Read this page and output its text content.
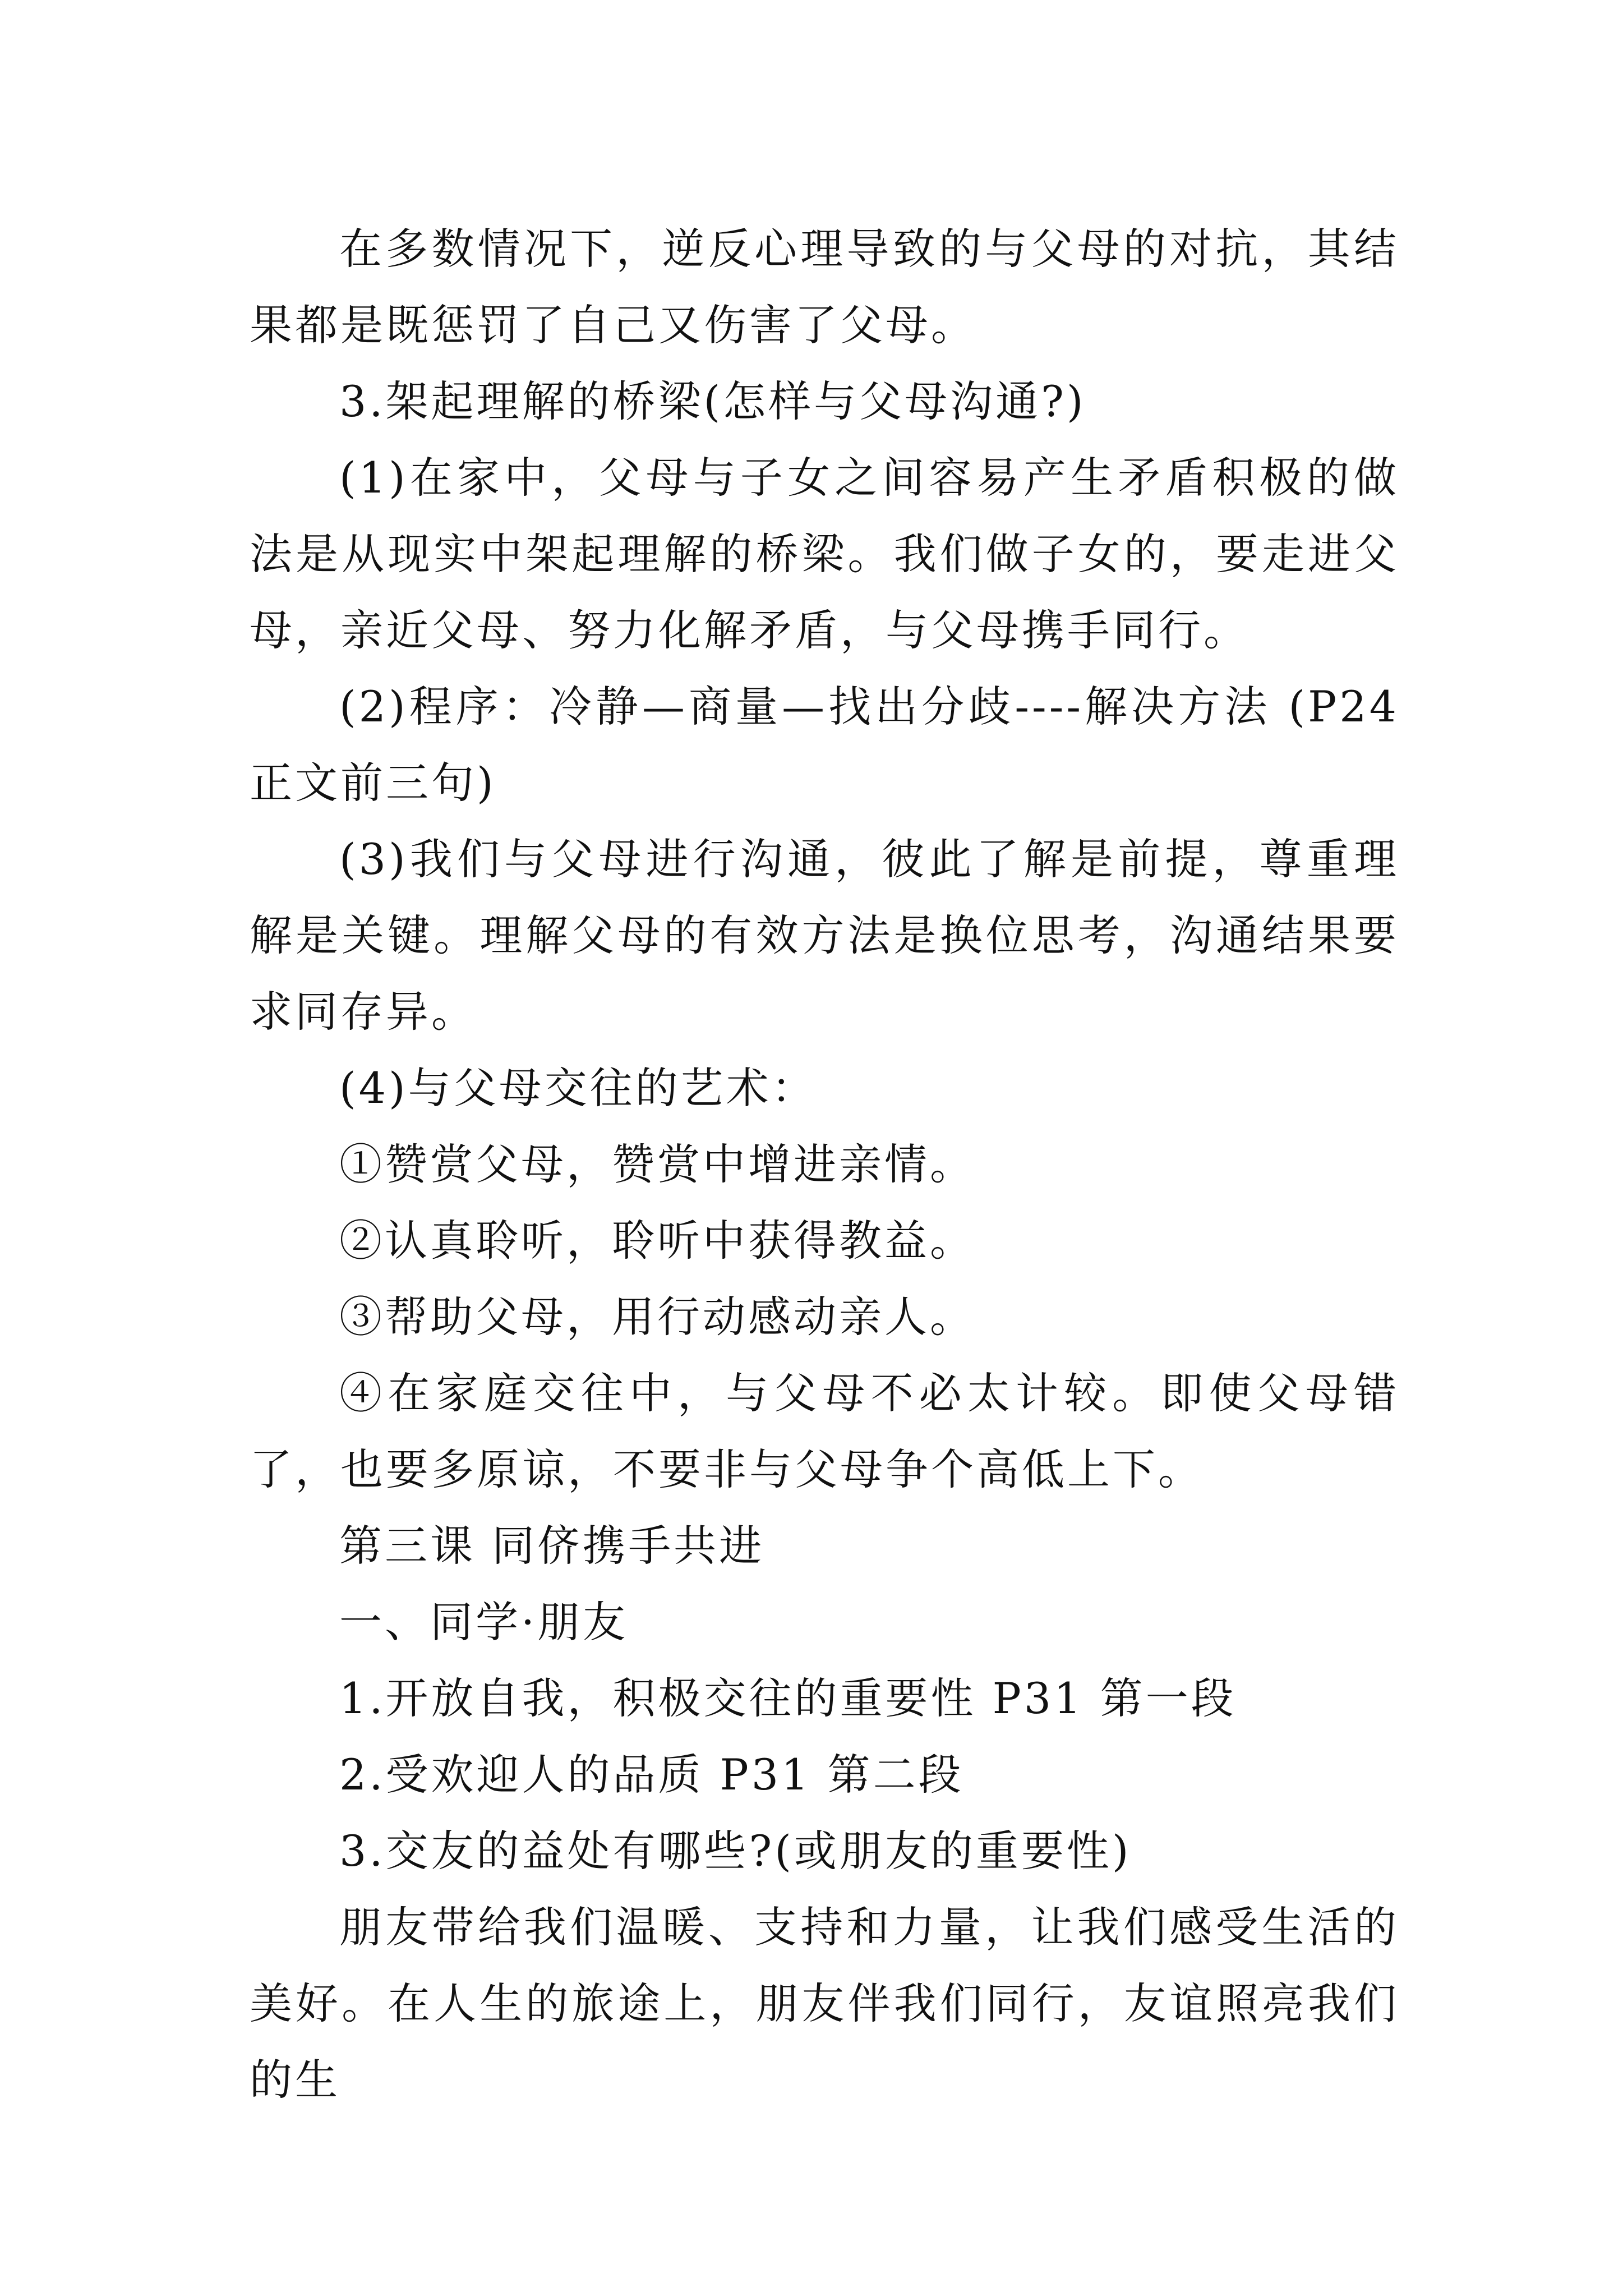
在多数情况下，逆反心理导致的与父母的对抗，其结果都是既惩罚了自己又伤害了父母。

3.架起理解的桥梁(怎样与父母沟通?)

(1)在家中，父母与子女之间容易产生矛盾积极的做法是从现实中架起理解的桥梁。我们做子女的，要走进父母，亲近父母、努力化解矛盾，与父母携手同行。

(2)程序：冷静—商量—找出分歧----解决方法 (P24 正文前三句)

(3)我们与父母进行沟通，彼此了解是前提，尊重理解是关键。理解父母的有效方法是换位思考，沟通结果要求同存异。

(4)与父母交往的艺术：

①赞赏父母，赞赏中增进亲情。

②认真聆听，聆听中获得教益。

③帮助父母，用行动感动亲人。

④在家庭交往中，与父母不必太计较。即使父母错了，也要多原谅，不要非与父母争个高低上下。

第三课 同侪携手共进

一、同学·朋友

1.开放自我，积极交往的重要性 P31 第一段

2.受欢迎人的品质 P31 第二段

3.交友的益处有哪些?(或朋友的重要性)

朋友带给我们温暖、支持和力量，让我们感受生活的美好。在人生的旅途上，朋友伴我们同行，友谊照亮我们的生
